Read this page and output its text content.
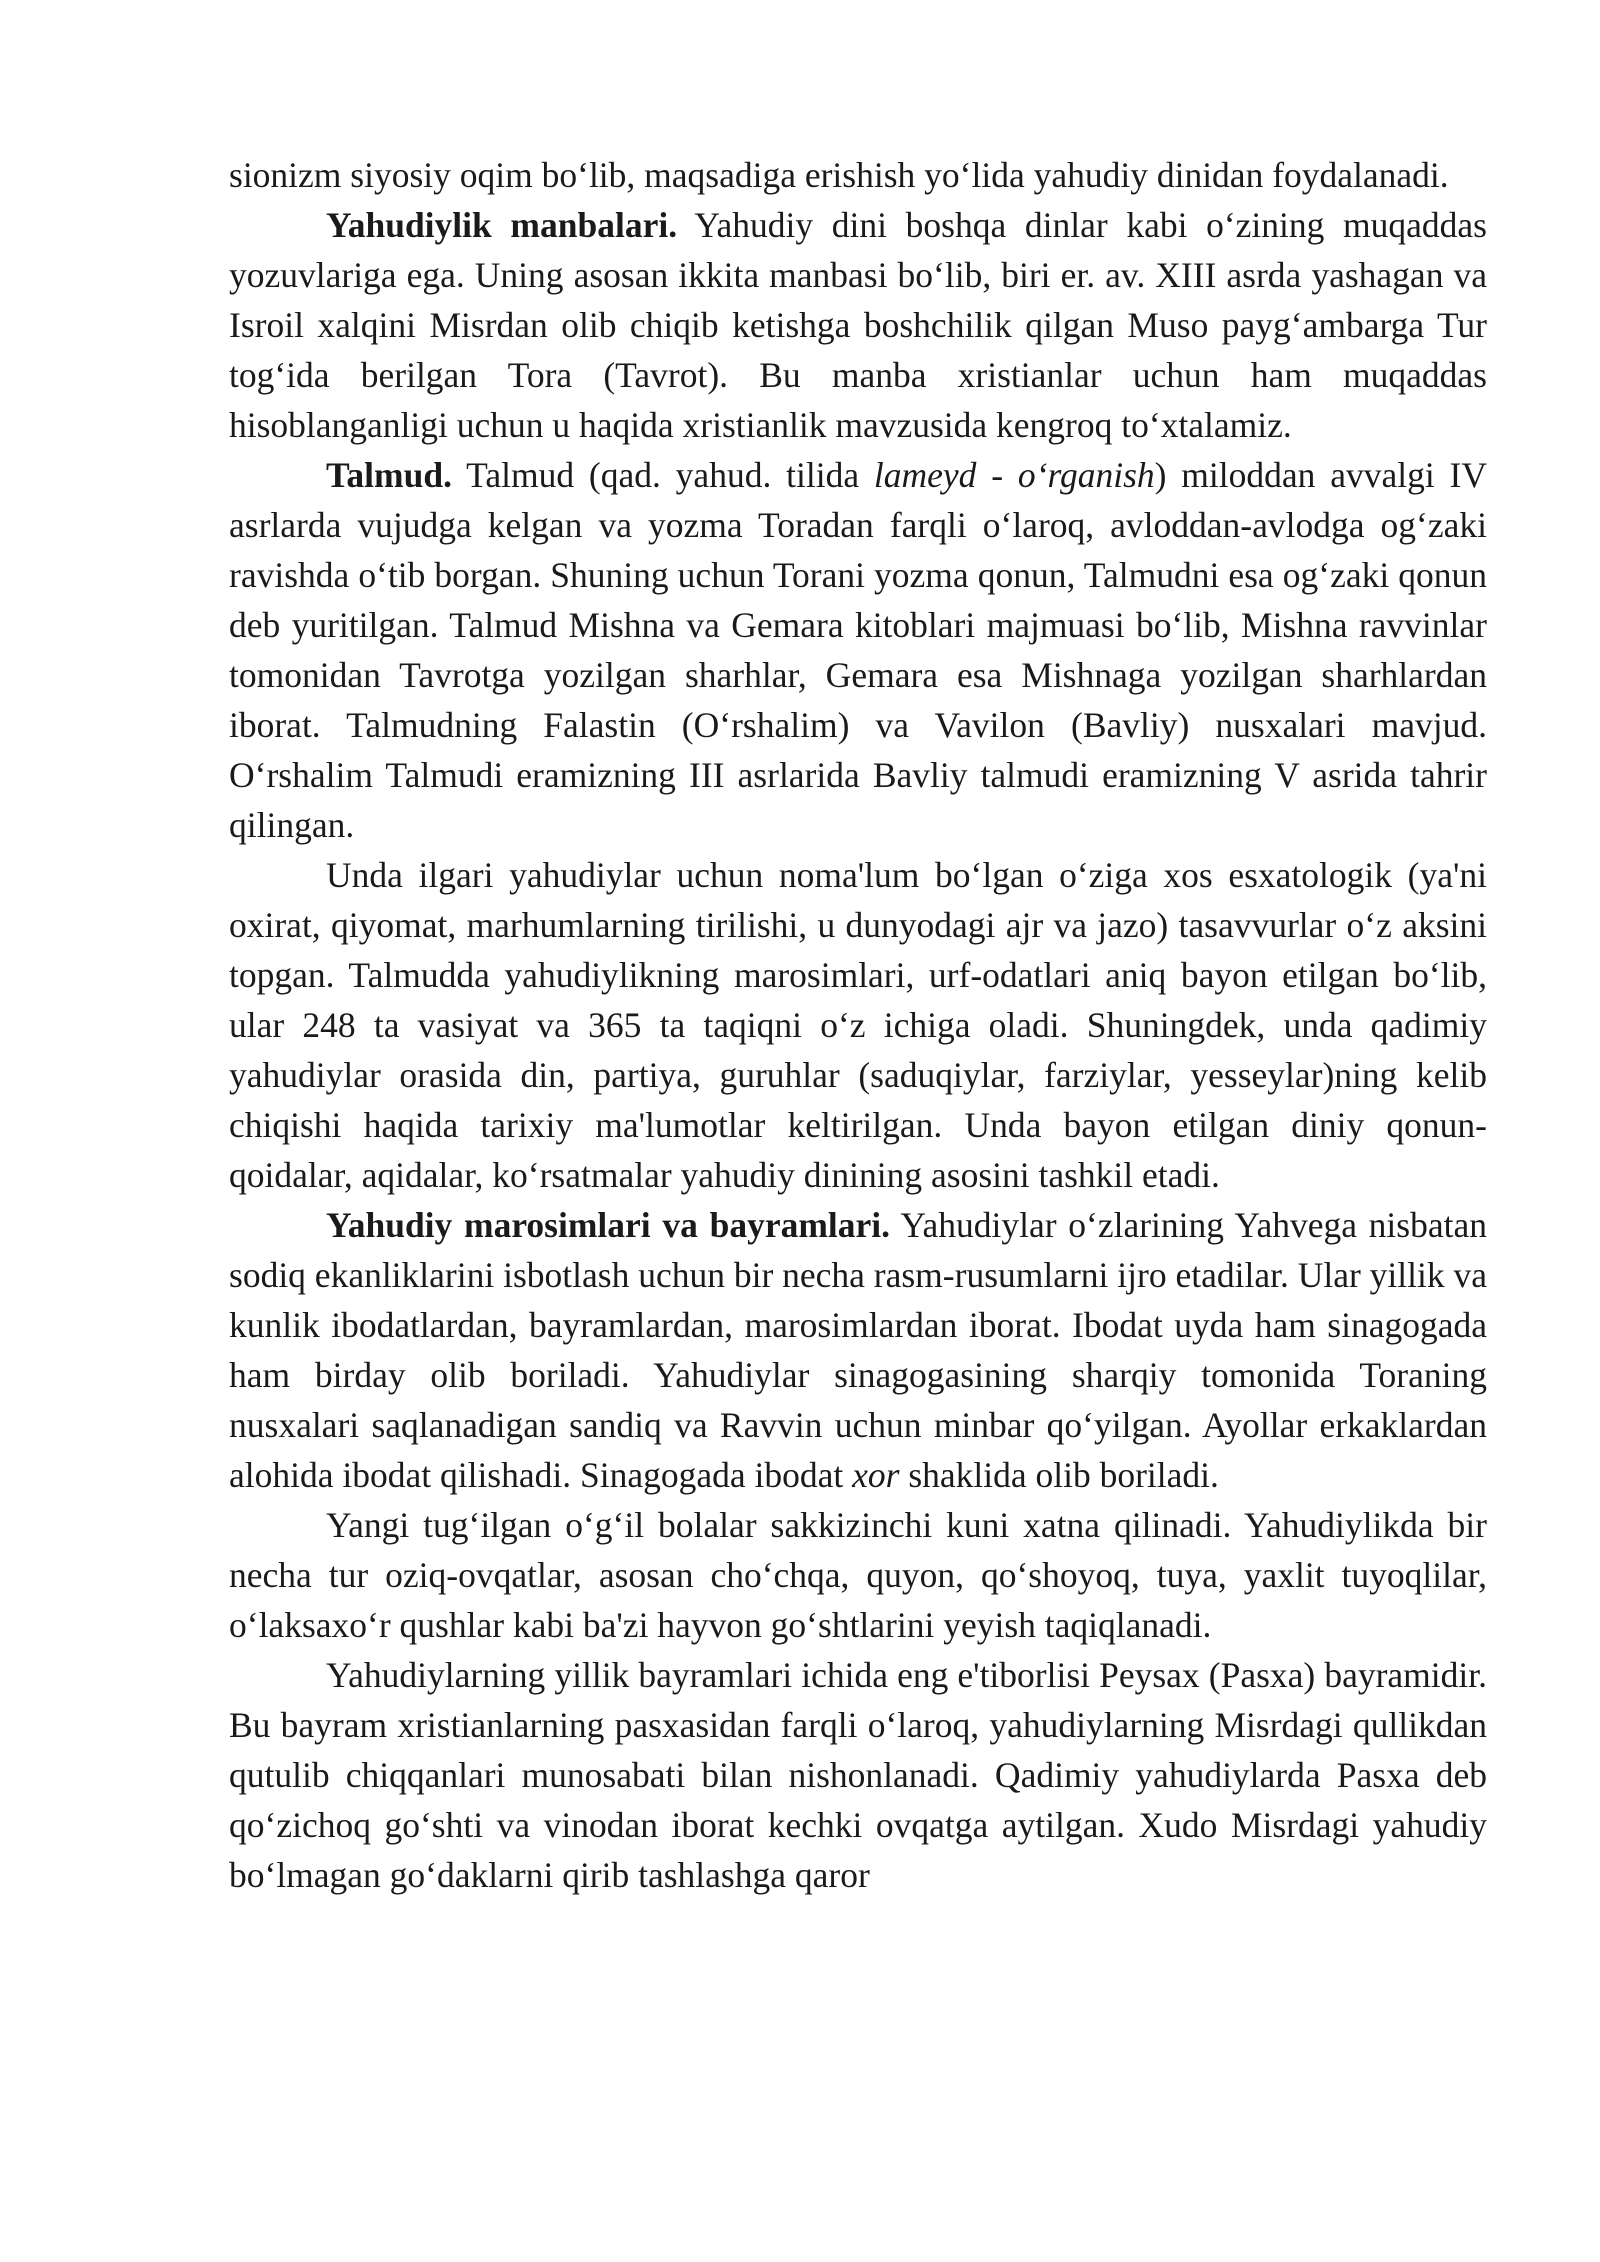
sionizm siyosiy oqim bo‘lib, maqsadiga erishish yo‘lida yahudiy dinidan foydalanadi.

Yahudiylik manbalari. Yahudiy dini boshqa dinlar kabi o‘zining muqaddas yozuvlariga ega. Uning asosan ikkita manbasi bo‘lib, biri er. av. XIII asrda yashagan va Isroil xalqini Misrdan olib chiqib ketishga boshchilik qilgan Muso payg‘ambarga Tur tog‘ida berilgan Tora (Tavrot). Bu manba xristianlar uchun ham muqaddas hisoblanganligi uchun u haqida xristianlik mavzusida kengroq to‘xtalamiz.

Talmud. Talmud (qad. yahud. tilida lameyd - o‘rganish) miloddan avvalgi IV asrlarda vujudga kelgan va yozma Toradan farqli o‘laroq, avloddan-avlodga og‘zaki ravishda o‘tib borgan. Shuning uchun Torani yozma qonun, Talmudni esa og‘zaki qonun deb yuritilgan. Talmud Mishna va Gemara kitoblari majmuasi bo‘lib, Mishna ravvinlar tomonidan Tavrotga yozilgan sharhlar, Gemara esa Mishnaga yozilgan sharhlardan iborat. Talmudning Falastin (O‘rshalim) va Vavilon (Bavliy) nusxalari mavjud. O‘rshalim Talmudi eramizning III asrlarida Bavliy talmudi eramizning V asrida tahrir qilingan.

Unda ilgari yahudiylar uchun noma'lum bo‘lgan o‘ziga xos esxatologik (ya'ni oxirat, qiyomat, marhumlarning tirilishi, u dunyodagi ajr va jazo) tasavvurlar o‘z aksini topgan. Talmudda yahudiylikning marosimlari, urf-odatlari aniq bayon etilgan bo‘lib, ular 248 ta vasiyat va 365 ta taqiqni o‘z ichiga oladi. Shuningdek, unda qadimiy yahudiylar orasida din, partiya, guruhlar (saduqiylar, farziylar, yesseylar)ning kelib chiqishi haqida tarixiy ma'lumotlar keltirilgan. Unda bayon etilgan diniy qonun-qoidalar, aqidalar, ko‘rsatmalar yahudiy dinining asosini tashkil etadi.

Yahudiy marosimlari va bayramlari. Yahudiylar o‘zlarining Yahvega nisbatan sodiq ekanliklarini isbotlash uchun bir necha rasm-rusumlarni ijro etadilar. Ular yillik va kunlik ibodatlardan, bayramlardan, marosimlardan iborat. Ibodat uyda ham sinagogada ham birday olib boriladi. Yahudiylar sinagogasining sharqiy tomonida Toraning nusxalari saqlanadigan sandiq va Ravvin uchun minbar qo‘yilgan. Ayollar erkaklardan alohida ibodat qilishadi. Sinagogada ibodat xor shaklida olib boriladi.

Yangi tug‘ilgan o‘g‘il bolalar sakkizinchi kuni xatna qilinadi. Yahudiylikda bir necha tur oziq-ovqatlar, asosan cho‘chqa, quyon, qo‘shoyoq, tuya, yaxlit tuyoqlilar, o‘laksaxo‘r qushlar kabi ba'zi hayvon go‘shtlarini yeyish taqiqlanadi.

Yahudiylarning yillik bayramlari ichida eng e'tiborlisi Peysax (Pasxa) bayramidir. Bu bayram xristianlarning pasxasidan farqli o‘laroq, yahudiylarning Misrdagi qullikdan qutulib chiqqanlari munosabati bilan nishonlanadi. Qadimiy yahudiylarda Pasxa deb qo‘zichoq go‘shti va vinodan iborat kechki ovqatga aytilgan. Xudo Misrdagi yahudiy bo‘lmagan go‘daklarni qirib tashlashga qaror
